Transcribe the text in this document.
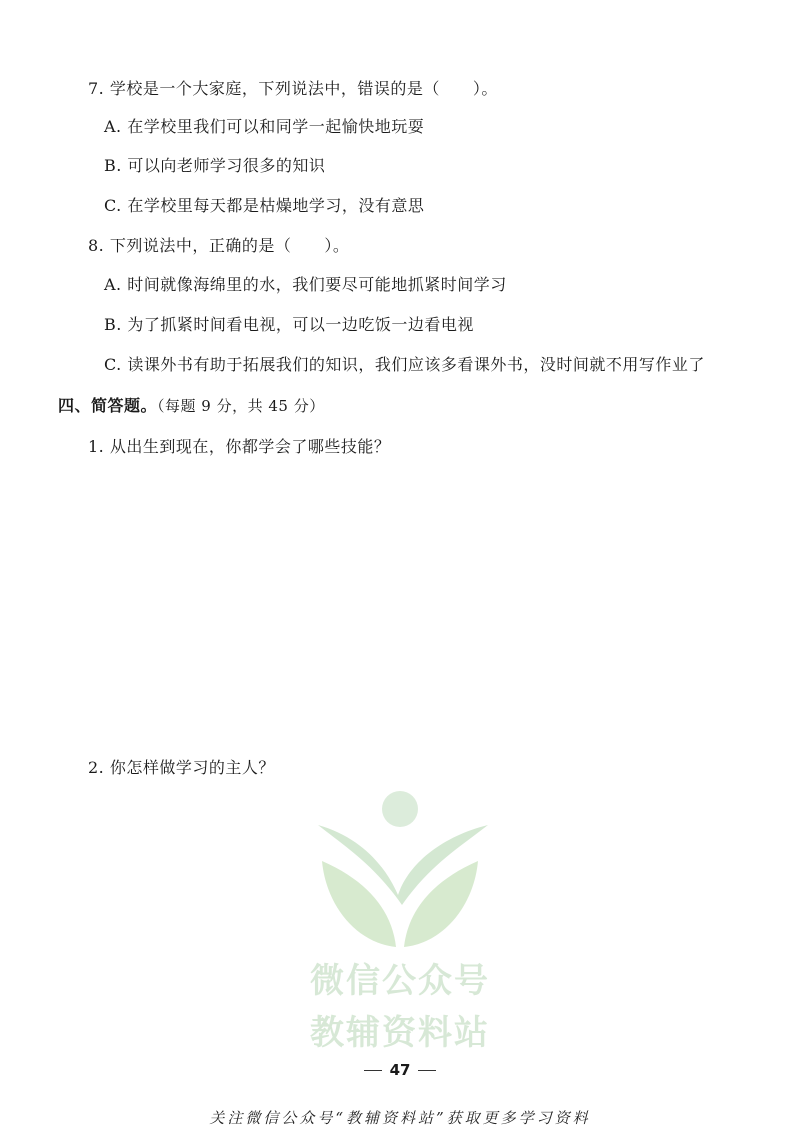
7. 学校是一个大家庭，下列说法中，错误的是（　　）。
A. 在学校里我们可以和同学一起愉快地玩耍
B. 可以向老师学习很多的知识
C. 在学校里每天都是枯燥地学习，没有意思
8. 下列说法中，正确的是（　　）。
A. 时间就像海绵里的水，我们要尽可能地抓紧时间学习
B. 为了抓紧时间看电视，可以一边吃饭一边看电视
C. 读课外书有助于拓展我们的知识，我们应该多看课外书，没时间就不用写作业了
四、简答题。（每题 9 分，共 45 分）
1. 从出生到现在，你都学会了哪些技能？
2. 你怎样做学习的主人？
微信公众号
教辅资料站
47
关注微信公众号“教辅资料站”获取更多学习资料
